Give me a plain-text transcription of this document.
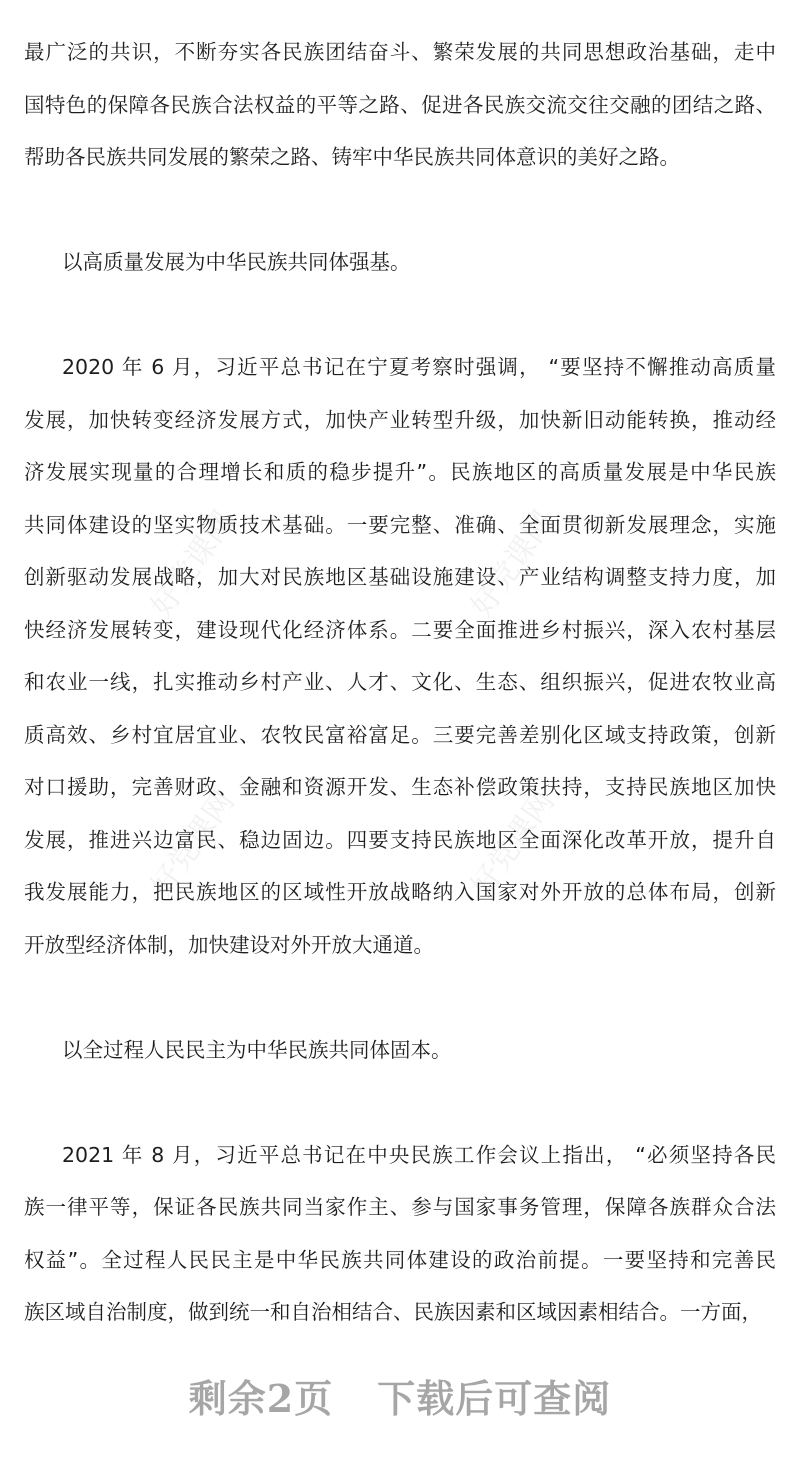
好党课网	好党课网
好党课网	好党课网
最广泛的共识，不断夯实各民族团结奋斗、繁荣发展的共同思想政治基础，走中
国特色的保障各民族合法权益的平等之路、促进各民族交流交往交融的团结之路、
帮助各民族共同发展的繁荣之路、铸牢中华民族共同体意识的美好之路。
以高质量发展为中华民族共同体强基。
2020 年 6 月，习近平总书记在宁夏考察时强调， “要坚持不懈推动高质量
发展，加快转变经济发展方式，加快产业转型升级，加快新旧动能转换，推动经
济发展实现量的合理增长和质的稳步提升”。民族地区的高质量发展是中华民族
共同体建设的坚实物质技术基础。一要完整、准确、全面贯彻新发展理念，实施
创新驱动发展战略，加大对民族地区基础设施建设、产业结构调整支持力度，加
快经济发展转变，建设现代化经济体系。二要全面推进乡村振兴，深入农村基层
和农业一线，扎实推动乡村产业、人才、文化、生态、组织振兴，促进农牧业高
质高效、乡村宜居宜业、农牧民富裕富足。三要完善差别化区域支持政策，创新
对口援助，完善财政、金融和资源开发、生态补偿政策扶持，支持民族地区加快
发展，推进兴边富民、稳边固边。四要支持民族地区全面深化改革开放，提升自
我发展能力，把民族地区的区域性开放战略纳入国家对外开放的总体布局，创新
开放型经济体制，加快建设对外开放大通道。
以全过程人民民主为中华民族共同体固本。
2021 年 8 月，习近平总书记在中央民族工作会议上指出， “必须坚持各民
族一律平等，保证各民族共同当家作主、参与国家事务管理，保障各族群众合法
权益”。全过程人民民主是中华民族共同体建设的政治前提。一要坚持和完善民
族区域自治制度，做到统一和自治相结合、民族因素和区域因素相结合。一方面，
剩余2页 下载后可查阅
